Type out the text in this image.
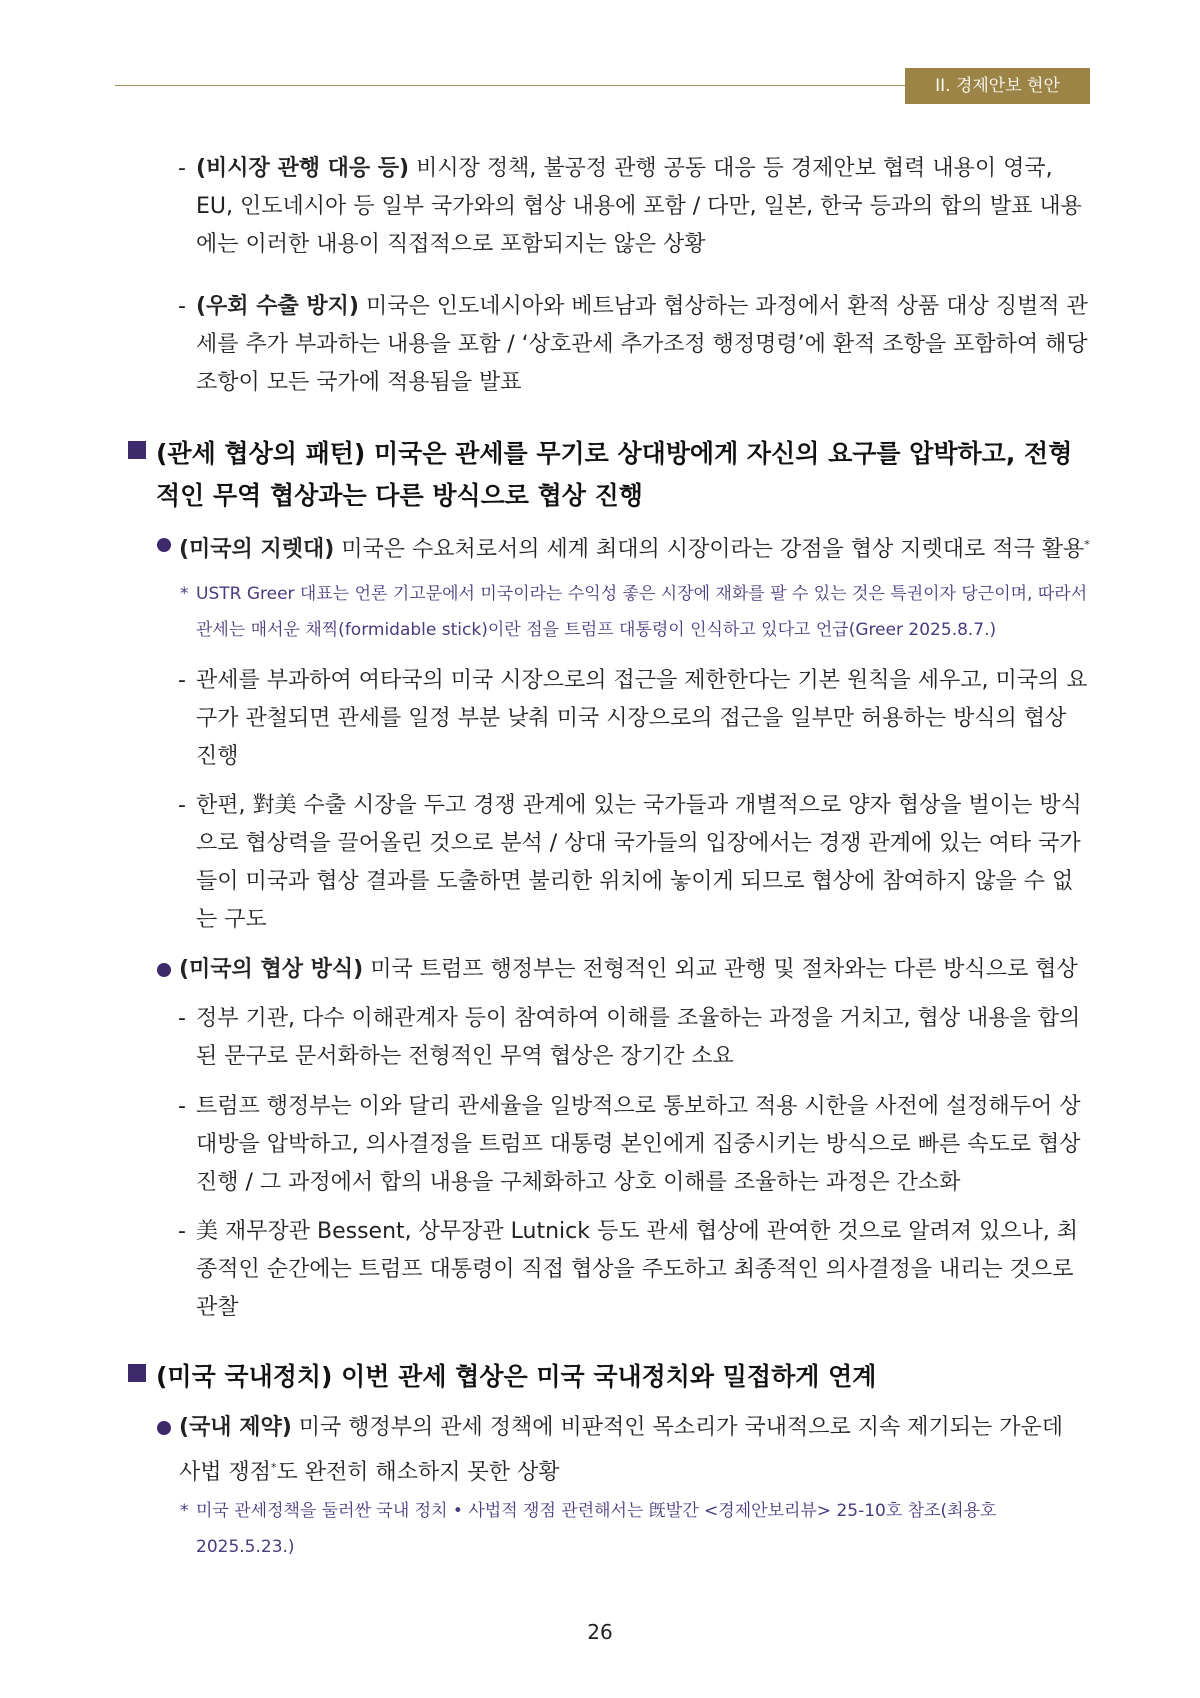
II. 경제안보 현안
- (비시장 관행 대응 등) 비시장 정책, 불공정 관행 공동 대응 등 경제안보 협력 내용이 영국, EU, 인도네시아 등 일부 국가와의 협상 내용에 포함 / 다만, 일본, 한국 등과의 합의 발표 내용에는 이러한 내용이 직접적으로 포함되지는 않은 상황
- (우회 수출 방지) 미국은 인도네시아와 베트남과 협상하는 과정에서 환적 상품 대상 징벌적 관세를 추가 부과하는 내용을 포함 / ‘상호관세 추가조정 행정명령’에 환적 조항을 포함하여 해당 조항이 모든 국가에 적용됨을 발표
(관세 협상의 패턴) 미국은 관세를 무기로 상대방에게 자신의 요구를 압박하고, 전형적인 무역 협상과는 다른 방식으로 협상 진행
(미국의 지렛대) 미국은 수요처로서의 세계 최대의 시장이라는 강점을 협상 지렛대로 적극 활용*
* USTR Greer 대표는 언론 기고문에서 미국이라는 수익성 좋은 시장에 재화를 팔 수 있는 것은 특권이자 당근이며, 따라서 관세는 매서운 채찍(formidable stick)이란 점을 트럼프 대통령이 인식하고 있다고 언급(Greer 2025.8.7.)
- 관세를 부과하여 여타국의 미국 시장으로의 접근을 제한한다는 기본 원칙을 세우고, 미국의 요구가 관철되면 관세를 일정 부분 낮춰 미국 시장으로의 접근을 일부만 허용하는 방식의 협상 진행
- 한편, 對美 수출 시장을 두고 경쟁 관계에 있는 국가들과 개별적으로 양자 협상을 벌이는 방식으로 협상력을 끌어올린 것으로 분석 / 상대 국가들의 입장에서는 경쟁 관계에 있는 여타 국가들이 미국과 협상 결과를 도출하면 불리한 위치에 놓이게 되므로 협상에 참여하지 않을 수 없는 구도
(미국의 협상 방식) 미국 트럼프 행정부는 전형적인 외교 관행 및 절차와는 다른 방식으로 협상
- 정부 기관, 다수 이해관계자 등이 참여하여 이해를 조율하는 과정을 거치고, 협상 내용을 합의된 문구로 문서화하는 전형적인 무역 협상은 장기간 소요
- 트럼프 행정부는 이와 달리 관세율을 일방적으로 통보하고 적용 시한을 사전에 설정해두어 상대방을 압박하고, 의사결정을 트럼프 대통령 본인에게 집중시키는 방식으로 빠른 속도로 협상 진행 / 그 과정에서 합의 내용을 구체화하고 상호 이해를 조율하는 과정은 간소화
- 美 재무장관 Bessent, 상무장관 Lutnick 등도 관세 협상에 관여한 것으로 알려져 있으나, 최종적인 순간에는 트럼프 대통령이 직접 협상을 주도하고 최종적인 의사결정을 내리는 것으로 관찰
(미국 국내정치) 이번 관세 협상은 미국 국내정치와 밀접하게 연계
(국내 제약) 미국 행정부의 관세 정책에 비판적인 목소리가 국내적으로 지속 제기되는 가운데 사법 쟁점*도 완전히 해소하지 못한 상황
* 미국 관세정책을 둘러싼 국내 정치 • 사법적 쟁점 관련해서는 旣발간 <경제안보리뷰> 25-10호 참조(최용호 2025.5.23.)
26
